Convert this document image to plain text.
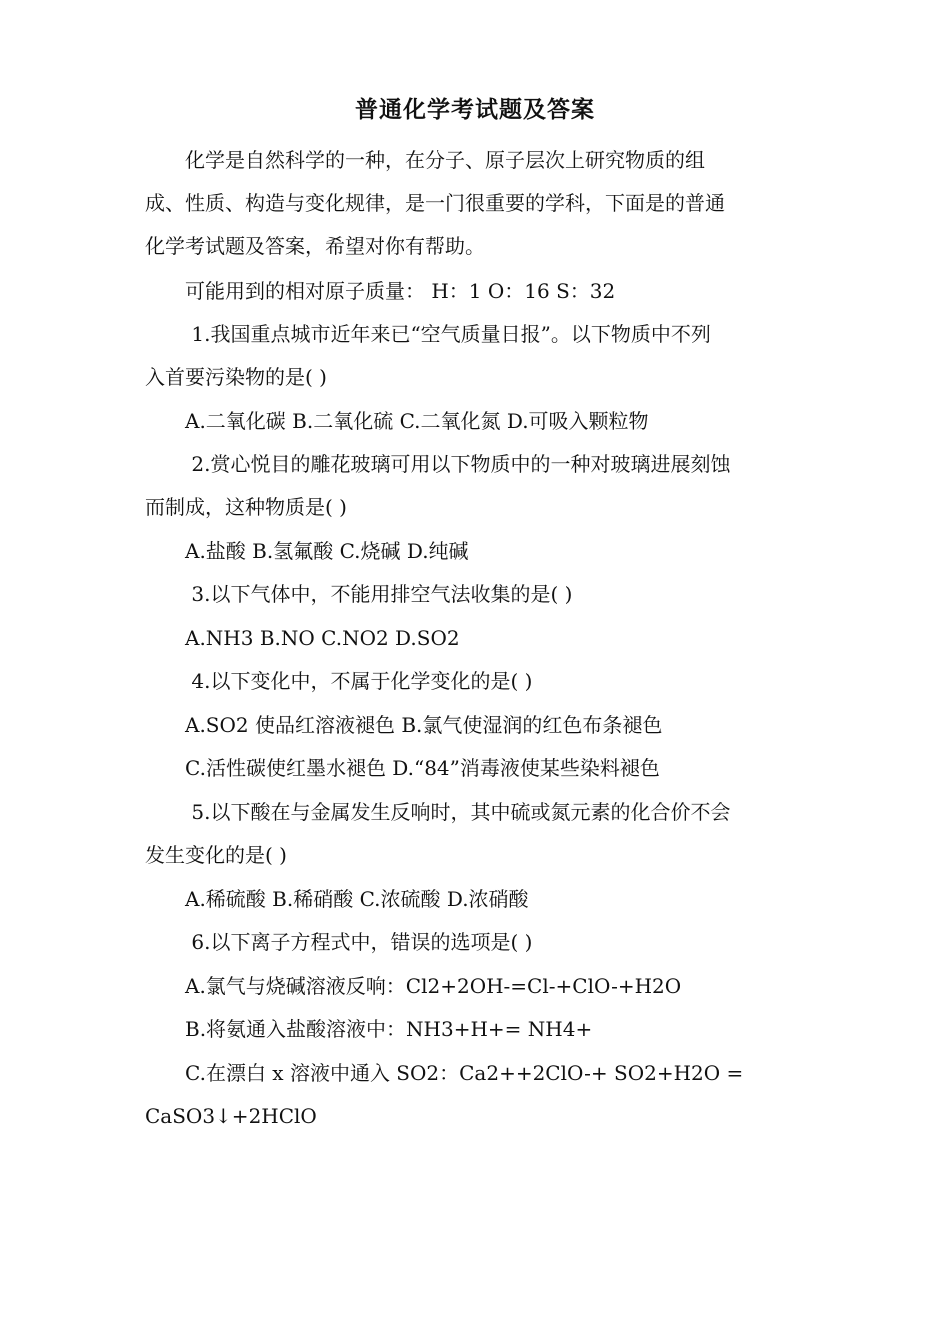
普通化学考试题及答案
　　化学是自然科学的一种，在分子、原子层次上研究物质的组
成、性质、构造与变化规律，是一门很重要的学科，下面是的普通
化学考试题及答案，希望对你有帮助。
　　可能用到的相对原子质量： H：1 O：16 S：32
　　 1.我国重点城市近年来已“空气质量日报”。以下物质中不列
入首要污染物的是( )
　　A.二氧化碳 B.二氧化硫 C.二氧化氮 D.可吸入颗粒物
　　 2.赏心悦目的雕花玻璃可用以下物质中的一种对玻璃进展刻蚀
而制成，这种物质是( )
　　A.盐酸 B.氢氟酸 C.烧碱 D.纯碱
　　 3.以下气体中，不能用排空气法收集的是( )
　　A.NH3 B.NO C.NO2 D.SO2
　　 4.以下变化中，不属于化学变化的是( )
　　A.SO2 使品红溶液褪色 B.氯气使湿润的红色布条褪色
　　C.活性碳使红墨水褪色 D.“84”消毒液使某些染料褪色
　　 5.以下酸在与金属发生反响时，其中硫或氮元素的化合价不会
发生变化的是( )
　　A.稀硫酸 B.稀硝酸 C.浓硫酸 D.浓硝酸
　　 6.以下离子方程式中，错误的选项是( )
　　A.氯气与烧碱溶液反响：Cl2+2OH-=Cl-+ClO-+H2O
　　B.将氨通入盐酸溶液中：NH3+H+= NH4+
　　C.在漂白 x 溶液中通入 SO2：Ca2++2ClO-+ SO2+H2O =
CaSO3↓+2HClO
